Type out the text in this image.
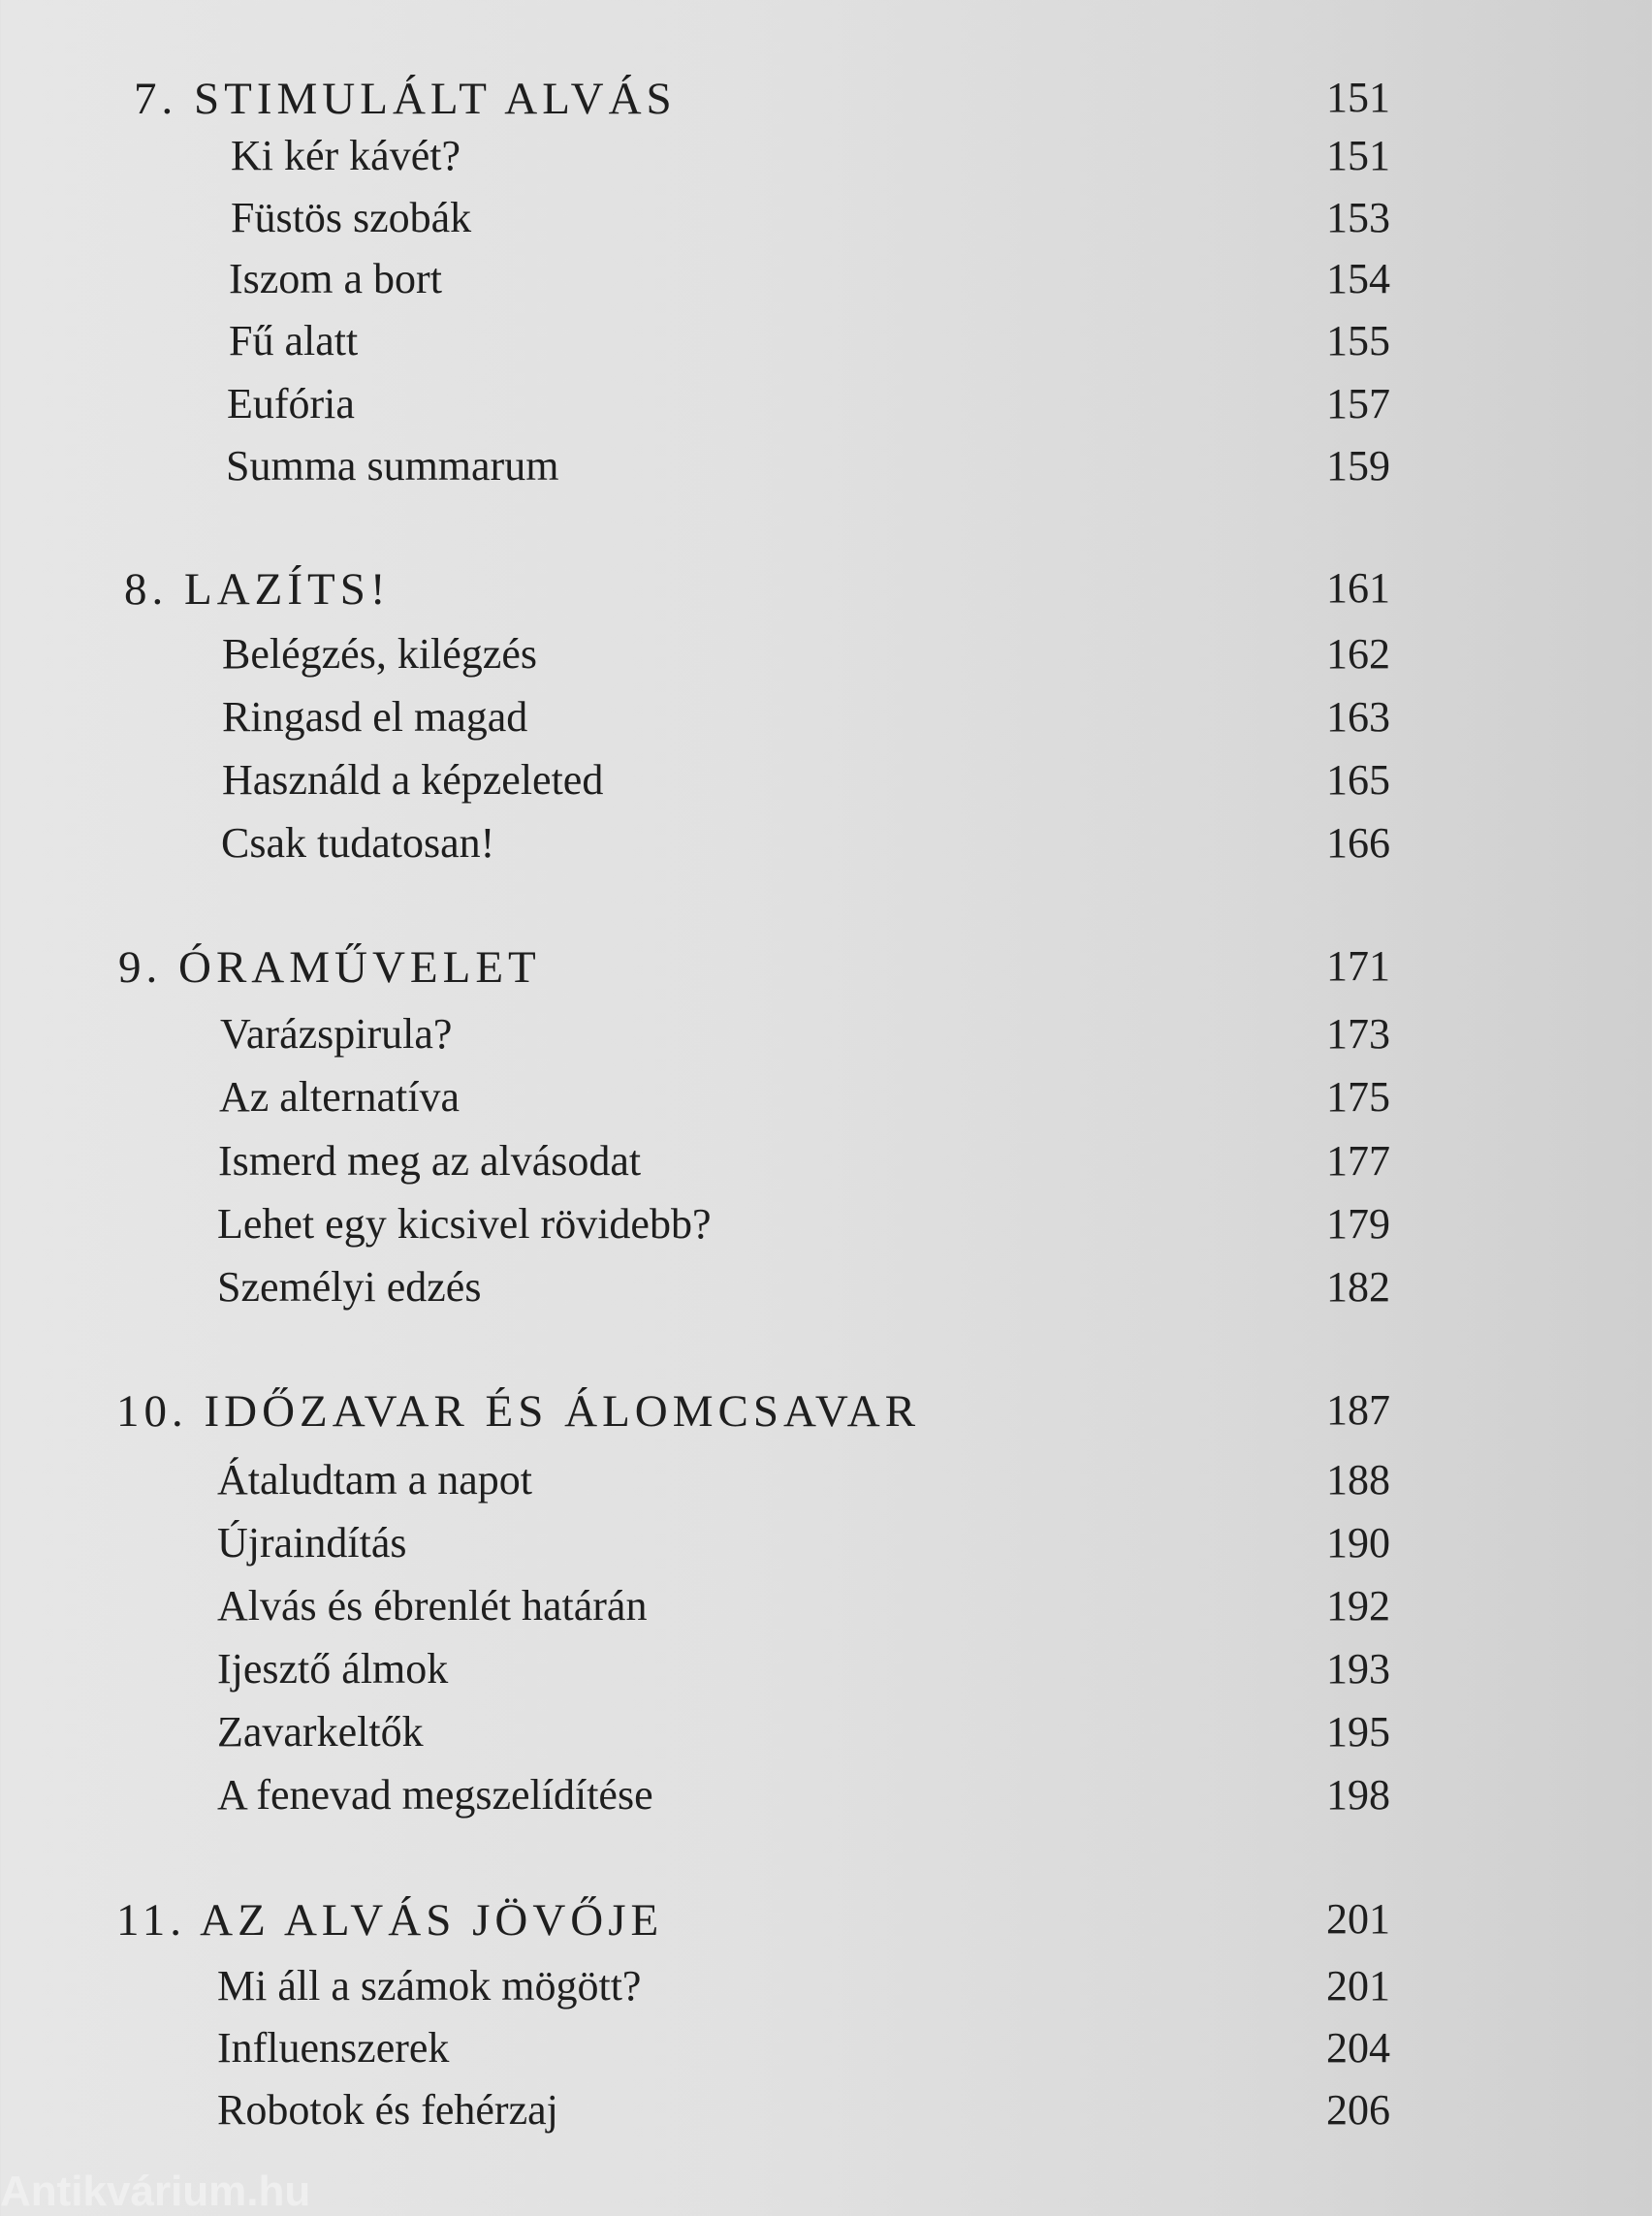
7. STIMULÁLT ALVÁS	151
Ki kér kávét?	151
Füstös szobák	153
Iszom a bort	154
Fű alatt	155
Eufória	157
Summa summarum	159
8. LAZÍTS!	161
Belégzés, kilégzés	162
Ringasd el magad	163
Használd a képzeleted	165
Csak tudatosan!	166
9. ÓRAMŰVELET	171
Varázspirula?	173
Az alternatíva	175
Ismerd meg az alvásodat	177
Lehet egy kicsivel rövidebb?	179
Személyi edzés	182
10. IDŐZAVAR ÉS ÁLOMCSAVAR	187
Átaludtam a napot	188
Újraindítás	190
Alvás és ébrenlét határán	192
Ijesztő álmok	193
Zavarkeltők	195
A fenevad megszelídítése	198
11. AZ ALVÁS JÖVŐJE	201
Mi áll a számok mögött?	201
Influenszerek	204
Robotok és fehérzaj	206
Antikvárium.hu
